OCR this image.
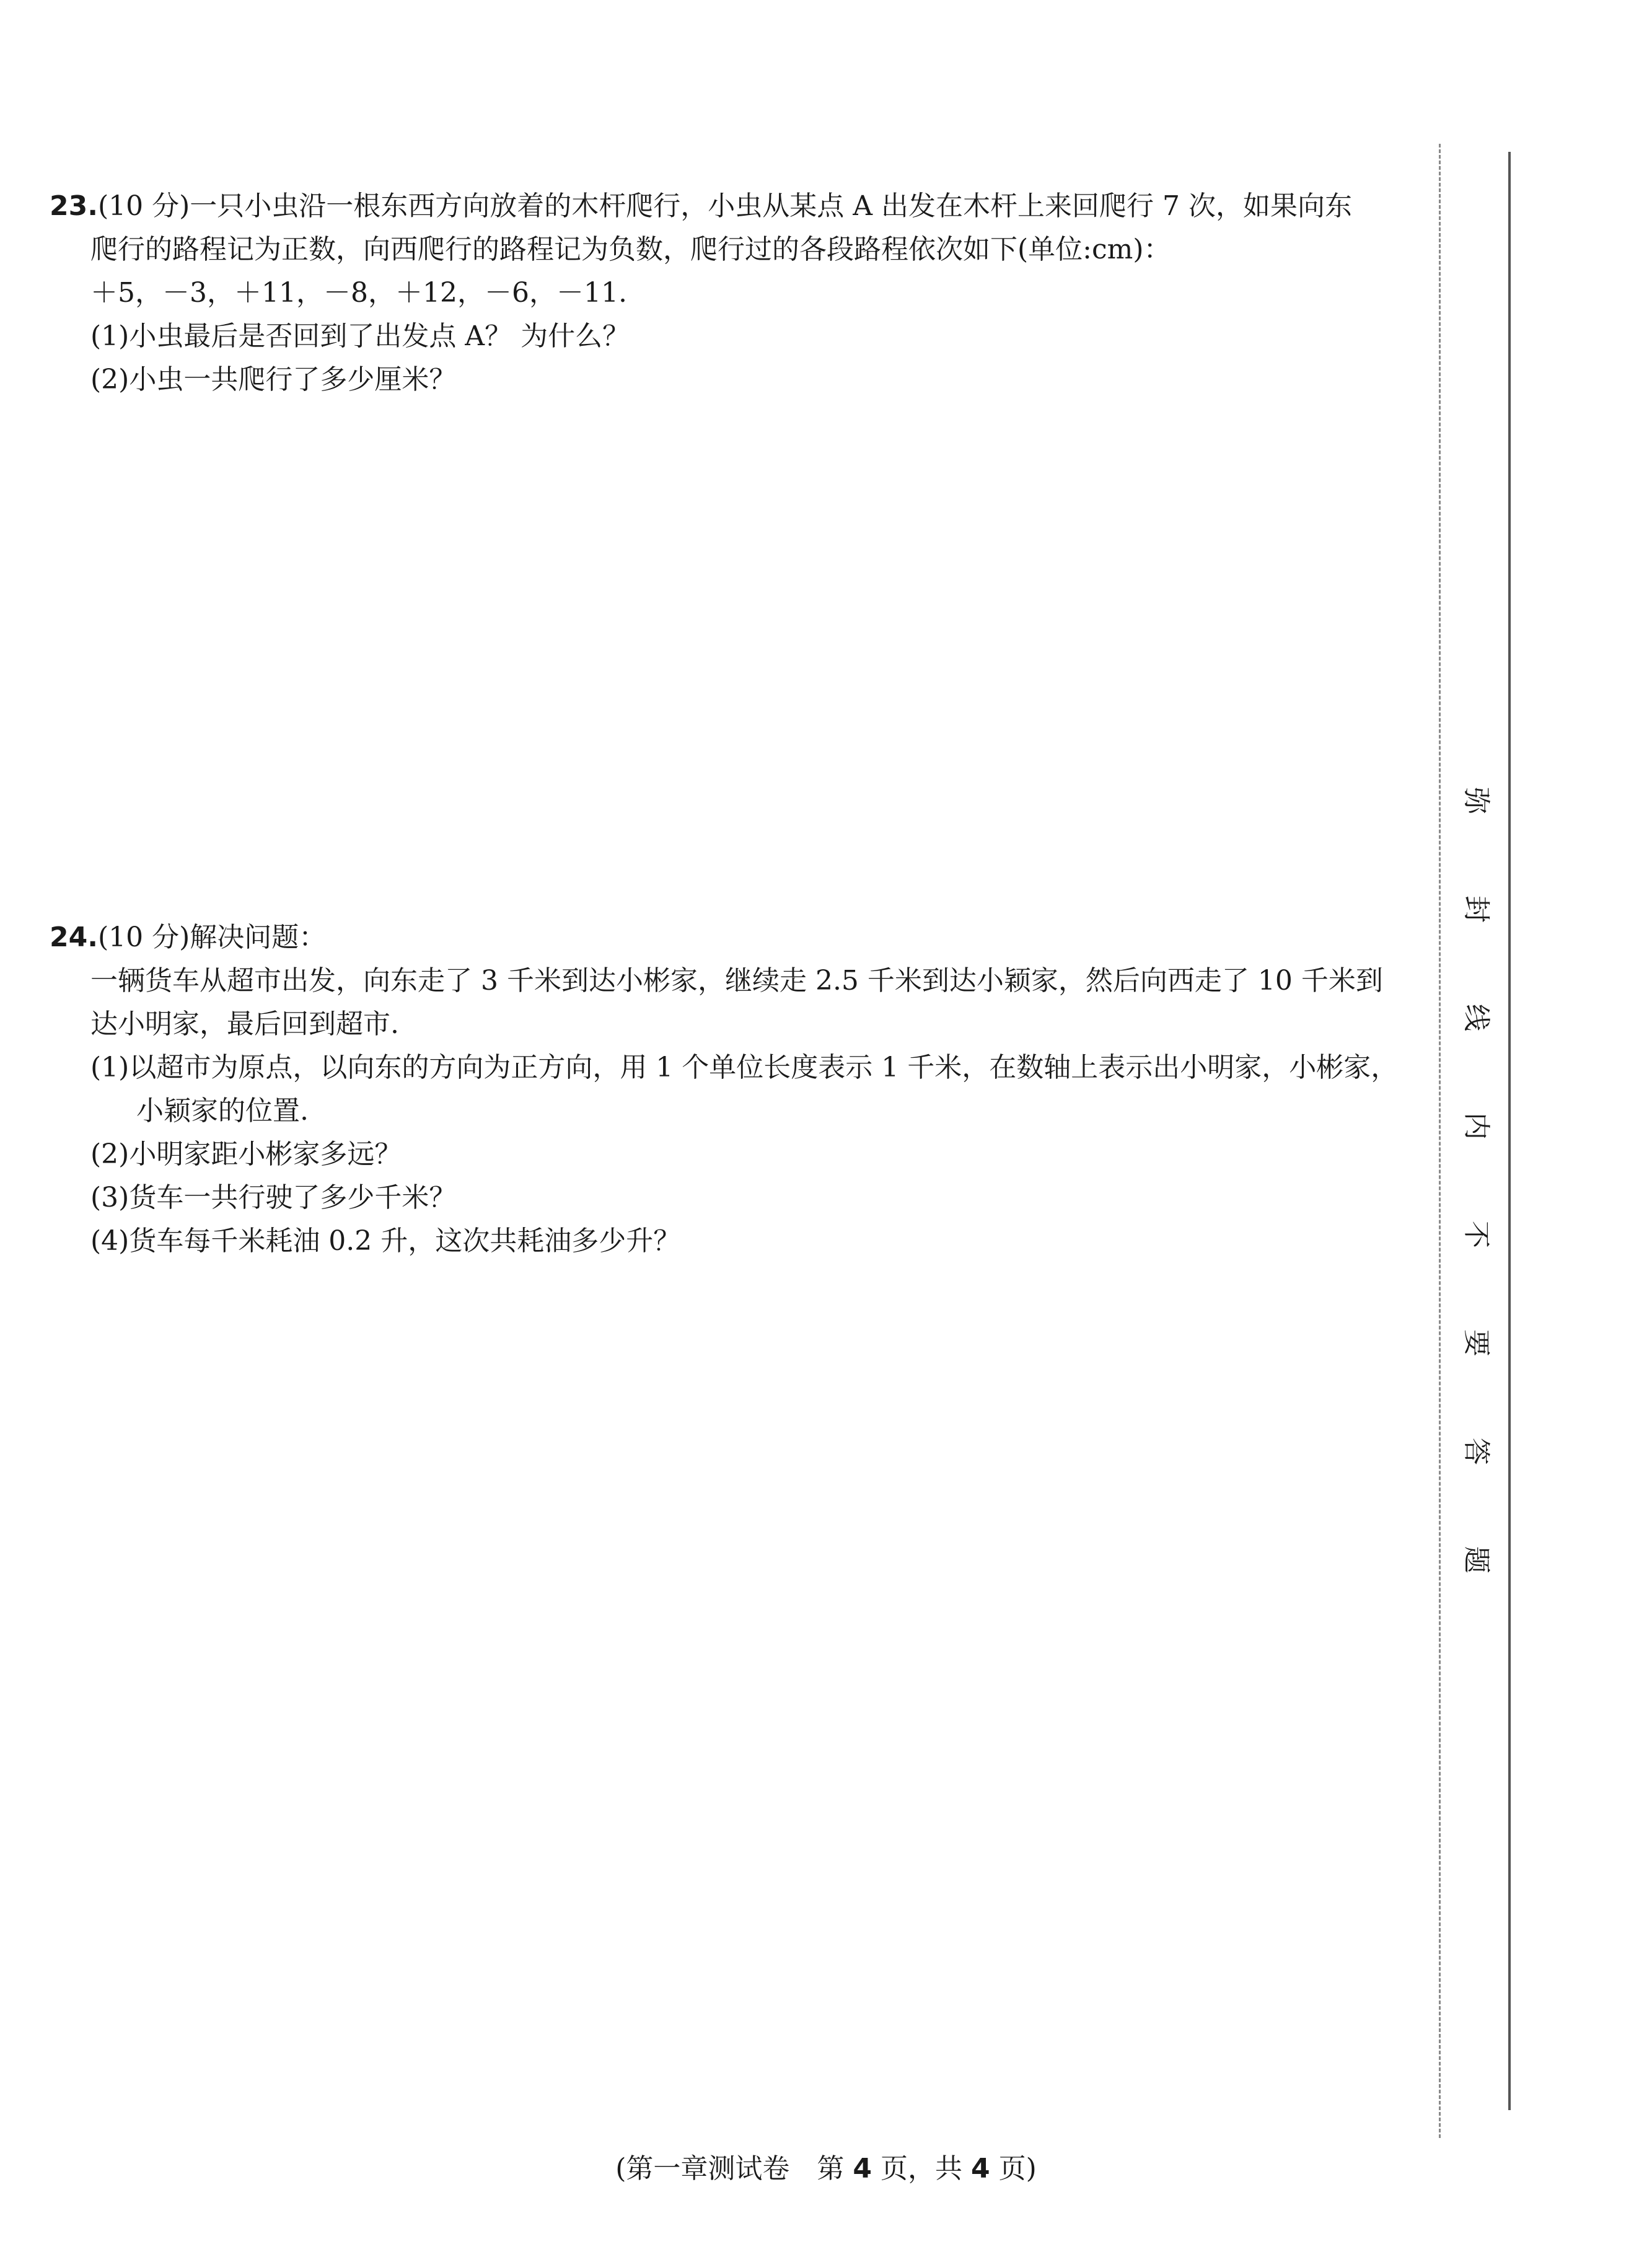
23.(10 分)一只小虫沿一根东西方向放着的木杆爬行，小虫从某点 A 出发在木杆上来回爬行 7 次，如果向东
爬行的路程记为正数，向西爬行的路程记为负数，爬行过的各段路程依次如下(单位:cm)：
＋5，－3，＋11，－8，＋12，－6，－11.
(1)小虫最后是否回到了出发点 A？ 为什么？
(2)小虫一共爬行了多少厘米？
24.(10 分)解决问题：
一辆货车从超市出发，向东走了 3 千米到达小彬家，继续走 2.5 千米到达小颖家，然后向西走了 10 千米到
达小明家，最后回到超市.
(1)以超市为原点，以向东的方向为正方向，用 1 个单位长度表示 1 千米，在数轴上表示出小明家，小彬家，
小颖家的位置.
(2)小明家距小彬家多远？
(3)货车一共行驶了多少千米？
(4)货车每千米耗油 0.2 升，这次共耗油多少升？
弥
封
线
内
不
要
答
题
(第一章测试卷　第 4 页，共 4 页)
